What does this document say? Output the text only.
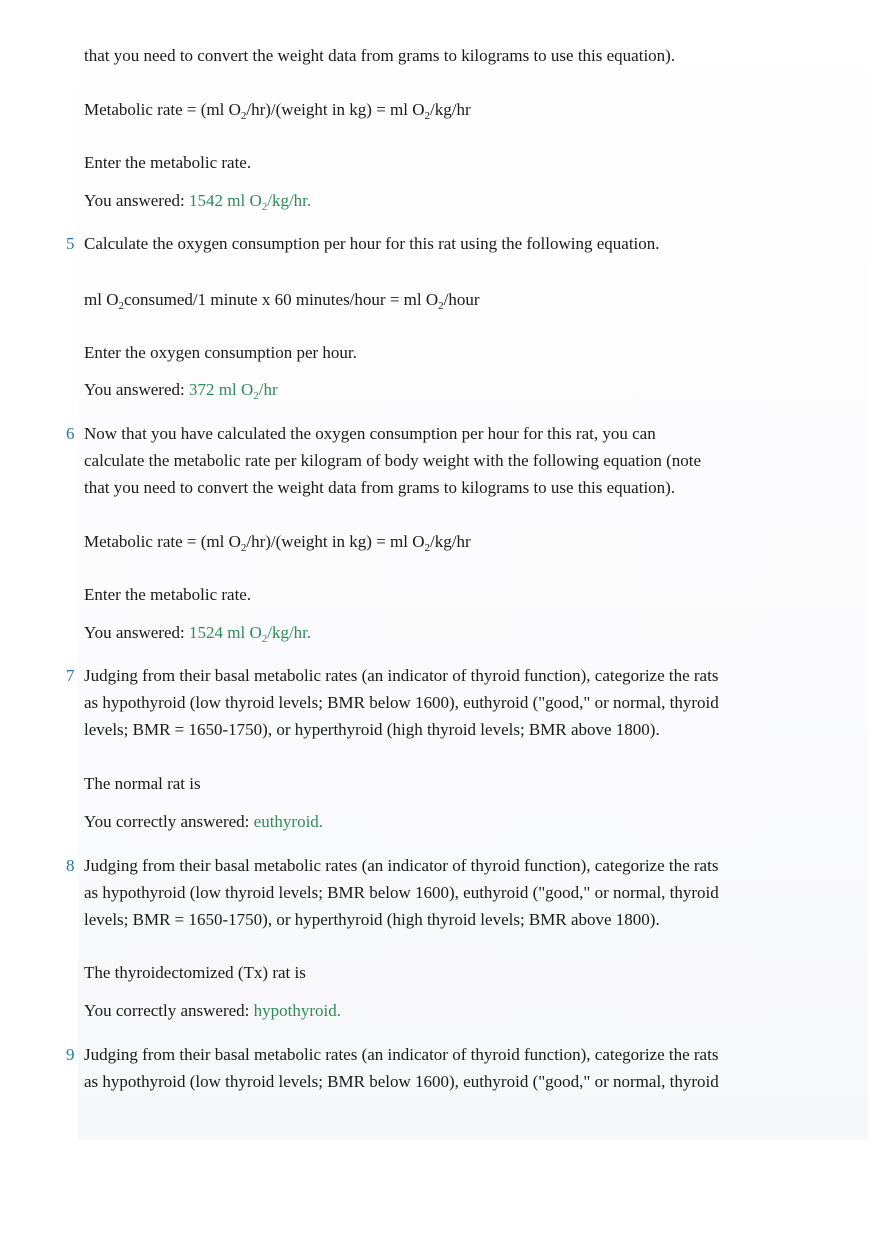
that you need to convert the weight data from grams to kilograms to use this equation).
Metabolic rate = (ml $O_2/hr)/(weight$ in kg) = ml $O_2/kg/hr$
Enter the metabolic rate.
You answered: 1542 ml $O_2/kg/hr$.
5 Calculate the oxygen consumption per hour for this rat using the following equation.
ml $O_2consumed/1$ minute x 60 minutes/hour = ml $O_2$/hour
Enter the oxygen consumption per hour.
You answered: 372 ml $O_2/hr$
6 Now that you have calculated the oxygen consumption per hour for this rat, you can
calculate the metabolic rate per kilogram of body weight with the following equation (note
that you need to convert the weight data from grams to kilograms to use this equation).
Metabolic rate = (ml $O_2/hr)/(weight$ in kg) = ml $O_2/kg/hr$
Enter the metabolic rate.
You answered: 1524 ml $O_2/kg/hr$.
7 Judging from their basal metabolic rates (an indicator of thyroid function), categorize the rats
as hypothyroid (low thyroid levels; BMR below 1600), euthyroid ("good," or normal, thyroid
levels; BMR = 1650-1750), or hyperthyroid (high thyroid levels; BMR above 1800).
The normal rat is
You correctly answered: euthyroid.
8 Judging from their basal metabolic rates (an indicator of thyroid function), categorize the rats
as hypothyroid (low thyroid levels; BMR below 1600), euthyroid ("good," or normal, thyroid
levels; BMR = 1650-1750), or hyperthyroid (high thyroid levels; BMR above 1800).
The thyroidectomized (Tx) rat is
You correctly answered: hypothyroid.
9 Judging from their basal metabolic rates (an indicator of thyroid function), categorize the rats
as hypothyroid (low thyroid levels; BMR below 1600), euthyroid ("good," or normal, thyroid
